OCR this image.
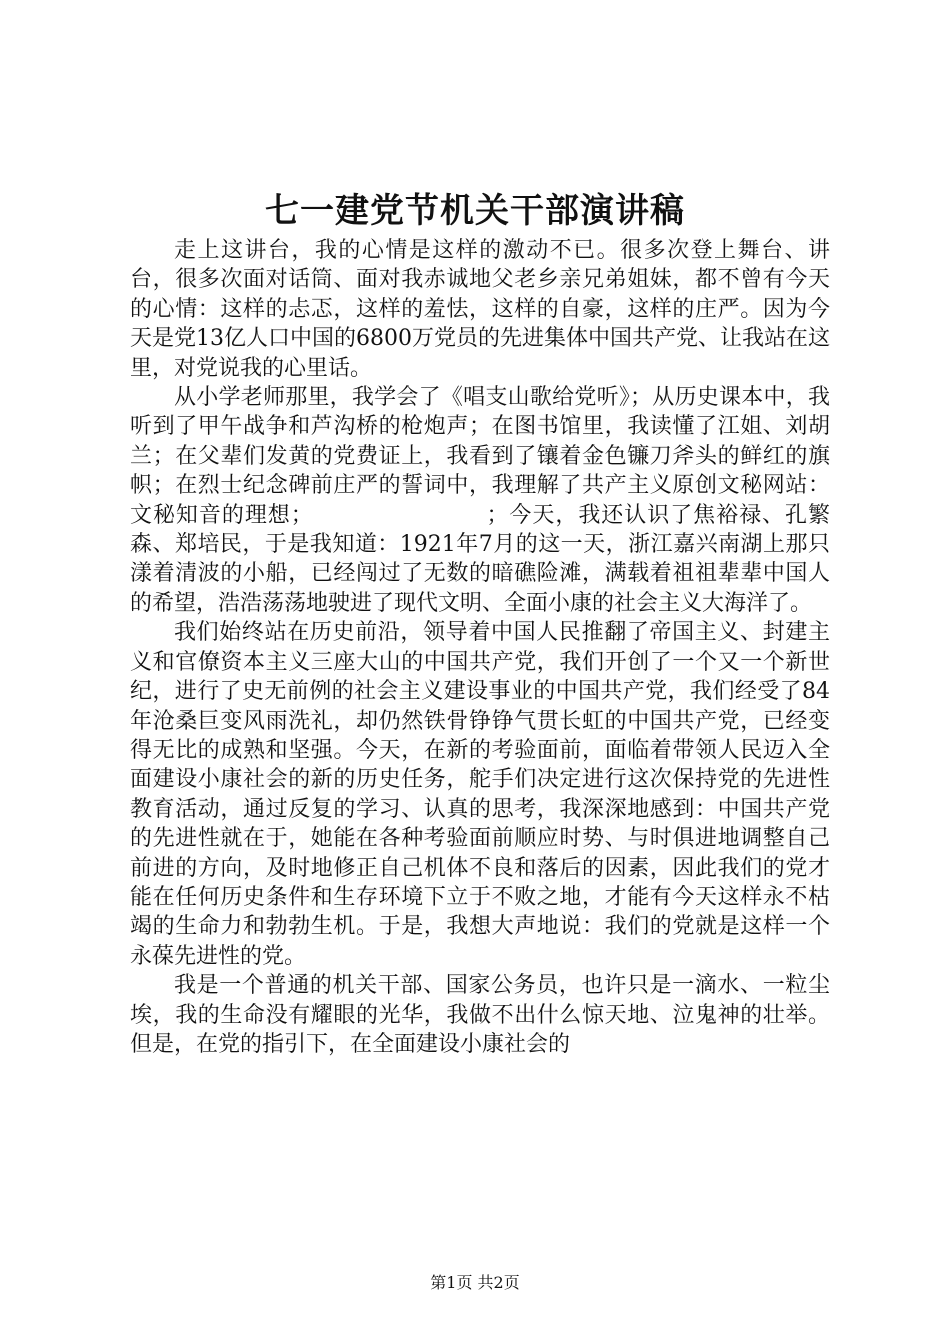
七一建党节机关干部演讲稿

走上这讲台，我的心情是这样的激动不已。很多次登上舞台、讲台，很多次面对话筒、面对我赤诚地父老乡亲兄弟姐妹，都不曾有今天的心情：这样的忐忑，这样的羞怯，这样的自豪，这样的庄严。因为今天是党13亿人口中国的6800万党员的先进集体中国共产党、让我站在这里，对党说我的心里话。

从小学老师那里，我学会了《唱支山歌给党听》；从历史课本中，我听到了甲午战争和芦沟桥的枪炮声；在图书馆里，我读懂了江姐、刘胡兰；在父辈们发黄的党费证上，我看到了镶着金色镰刀斧头的鲜红的旗帜；在烈士纪念碑前庄严的誓词中，我理解了共产主义原创文秘网站：文秘知音的理想；　　　　　　　　；今天，我还认识了焦裕禄、孔繁森、郑培民，于是我知道：1921年7月的这一天，浙江嘉兴南湖上那只漾着清波的小船，已经闯过了无数的暗礁险滩，满载着祖祖辈辈中国人的希望，浩浩荡荡地驶进了现代文明、全面小康的社会主义大海洋了。

我们始终站在历史前沿，领导着中国人民推翻了帝国主义、封建主义和官僚资本主义三座大山的中国共产党，我们开创了一个又一个新世纪，进行了史无前例的社会主义建设事业的中国共产党，我们经受了84年沧桑巨变风雨洗礼，却仍然铁骨铮铮气贯长虹的中国共产党，已经变得无比的成熟和坚强。今天，在新的考验面前，面临着带领人民迈入全面建设小康社会的新的历史任务，舵手们决定进行这次保持党的先进性教育活动，通过反复的学习、认真的思考，我深深地感到：中国共产党的先进性就在于，她能在各种考验面前顺应时势、与时俱进地调整自己前进的方向，及时地修正自己机体不良和落后的因素，因此我们的党才能在任何历史条件和生存环境下立于不败之地，才能有今天这样永不枯竭的生命力和勃勃生机。于是，我想大声地说：我们的党就是这样一个永葆先进性的党。

我是一个普通的机关干部、国家公务员，也许只是一滴水、一粒尘埃，我的生命没有耀眼的光华，我做不出什么惊天地、泣鬼神的壮举。但是，在党的指引下，在全面建设小康社会的

第1页 共2页
